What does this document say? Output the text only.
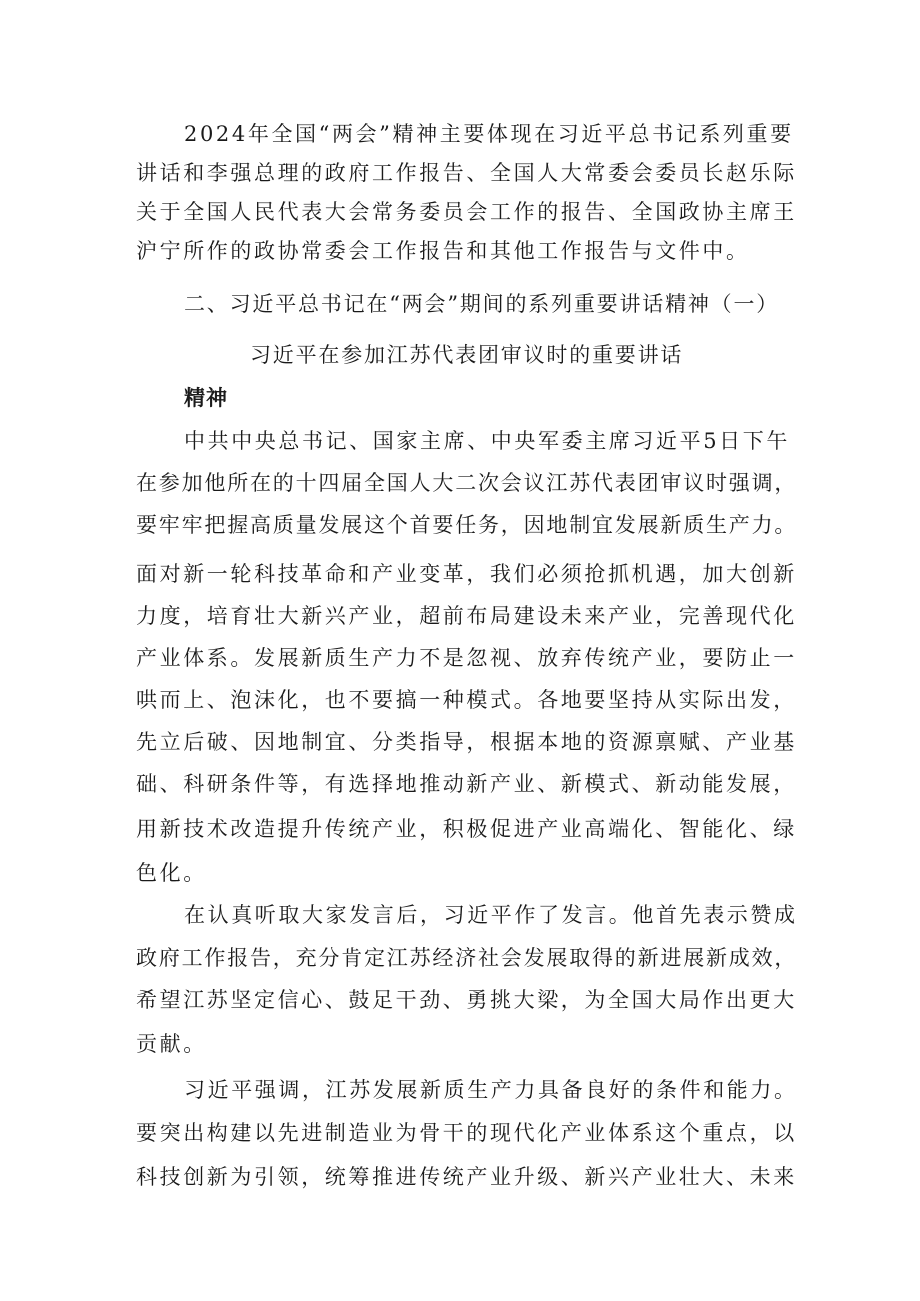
2024年全国“两会”精神主要体现在习近平总书记系列重要
讲话和李强总理的政府工作报告、全国人大常委会委员长赵乐际
关于全国人民代表大会常务委员会工作的报告、全国政协主席王
沪宁所作的政协常委会工作报告和其他工作报告与文件中。
二、习近平总书记在“两会”期间的系列重要讲话精神（一）
习近平在参加江苏代表团审议时的重要讲话
精神
中共中央总书记、国家主席、中央军委主席习近平5日下午
在参加他所在的十四届全国人大二次会议江苏代表团审议时强调，
要牢牢把握高质量发展这个首要任务，因地制宜发展新质生产力。
面对新一轮科技革命和产业变革，我们必须抢抓机遇，加大创新
力度，培育壮大新兴产业，超前布局建设未来产业，完善现代化
产业体系。发展新质生产力不是忽视、放弃传统产业，要防止一
哄而上、泡沫化，也不要搞一种模式。各地要坚持从实际出发，
先立后破、因地制宜、分类指导，根据本地的资源禀赋、产业基
础、科研条件等，有选择地推动新产业、新模式、新动能发展，
用新技术改造提升传统产业，积极促进产业高端化、智能化、绿
色化。
在认真听取大家发言后，习近平作了发言。他首先表示赞成
政府工作报告，充分肯定江苏经济社会发展取得的新进展新成效，
希望江苏坚定信心、鼓足干劲、勇挑大梁，为全国大局作出更大
贡献。
习近平强调，江苏发展新质生产力具备良好的条件和能力。
要突出构建以先进制造业为骨干的现代化产业体系这个重点，以
科技创新为引领，统筹推进传统产业升级、新兴产业壮大、未来
